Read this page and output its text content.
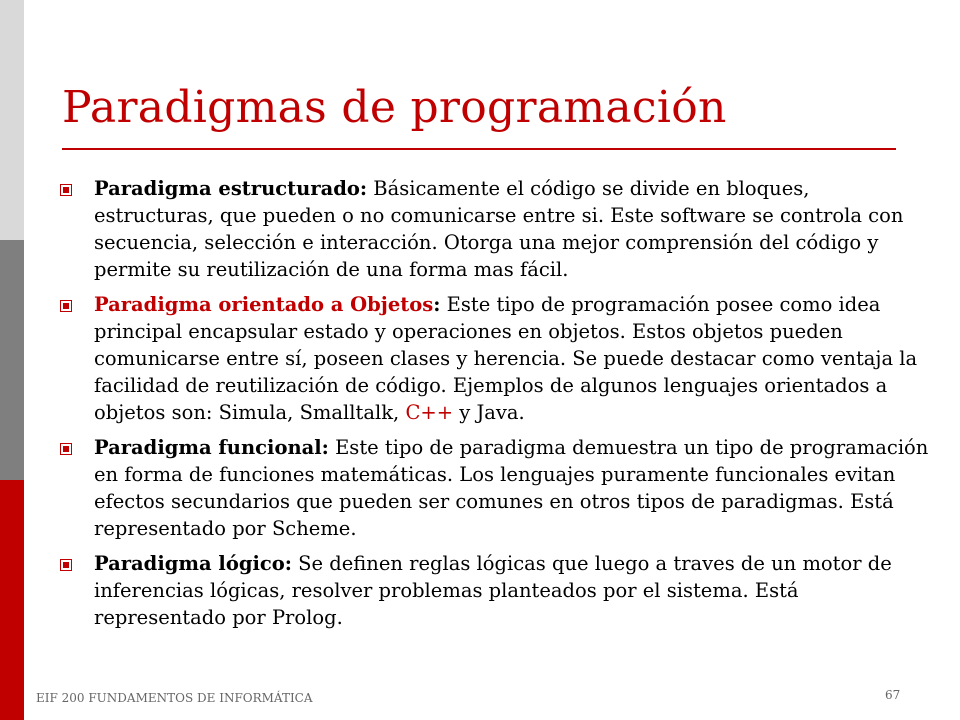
Paradigmas de programación
Paradigma estructurado: Básicamente el código se divide en bloques, estructuras, que pueden o no comunicarse entre si. Este software se controla con secuencia, selección e interacción. Otorga una mejor comprensión del código y permite su reutilización de una forma mas fácil.
Paradigma orientado a Objetos: Este tipo de programación posee como idea principal encapsular estado y operaciones en objetos. Estos objetos pueden comunicarse entre sí, poseen clases y herencia. Se puede destacar como ventaja la facilidad de reutilización de código. Ejemplos de algunos lenguajes orientados a objetos son: Simula, Smalltalk, C++ y Java.
Paradigma funcional: Este tipo de paradigma demuestra un tipo de programación en forma de funciones matemáticas. Los lenguajes puramente funcionales evitan efectos secundarios que pueden ser comunes en otros tipos de paradigmas. Está representado por Scheme.
Paradigma lógico: Se definen reglas lógicas que luego a traves de un motor de inferencias lógicas, resolver problemas planteados por el sistema. Está representado por Prolog.
EIF 200 FUNDAMENTOS DE INFORMÁTICA	67
